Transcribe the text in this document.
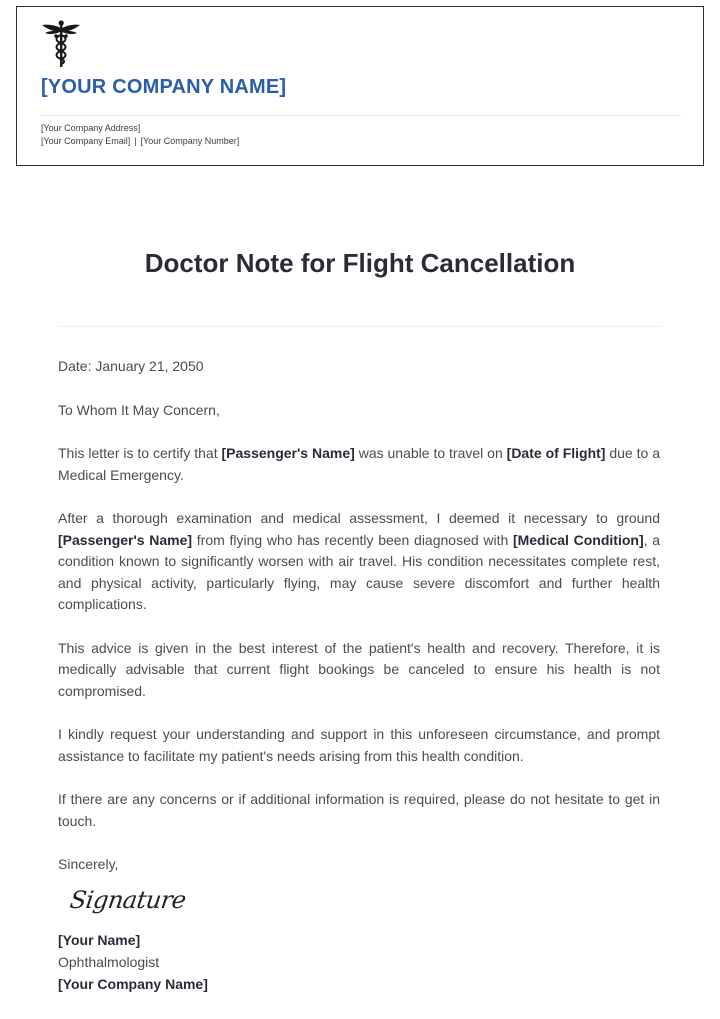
[YOUR COMPANY NAME]
[Your Company Address]
[Your Company Email] | [Your Company Number]
Doctor Note for Flight Cancellation

Date: January 21, 2050

To Whom It May Concern,

This letter is to certify that [Passenger's Name] was unable to travel on [Date of Flight] due to a Medical Emergency.

After a thorough examination and medical assessment, I deemed it necessary to ground [Passenger's Name] from flying who has recently been diagnosed with [Medical Condition], a condition known to significantly worsen with air travel. His condition necessitates complete rest, and physical activity, particularly flying, may cause severe discomfort and further health complications.

This advice is given in the best interest of the patient's health and recovery. Therefore, it is medically advisable that current flight bookings be canceled to ensure his health is not compromised.

I kindly request your understanding and support in this unforeseen circumstance, and prompt assistance to facilitate my patient's needs arising from this health condition.

If there are any concerns or if additional information is required, please do not hesitate to get in touch.

Sincerely,

Signature
[Your Name]
Ophthalmologist
[Your Company Name]
